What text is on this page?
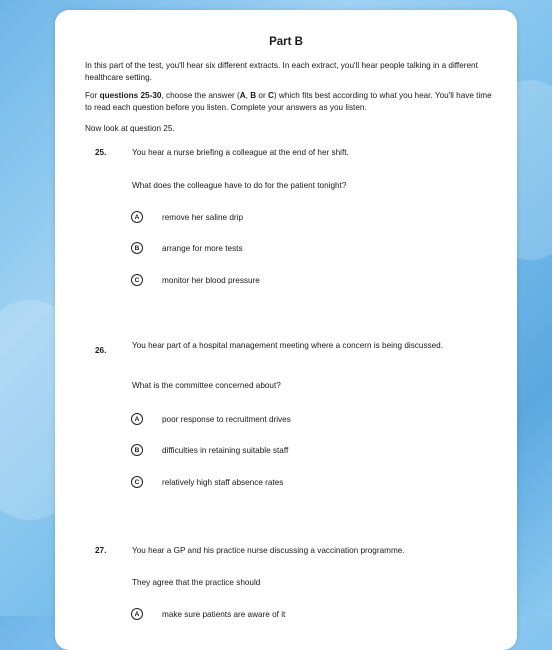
Part B
In this part of the test, you'll hear six different extracts. In each extract, you'll hear people talking in a different healthcare setting.
For questions 25-30, choose the answer (A, B or C) which fits best according to what you hear. You'll have time to read each question before you listen. Complete your answers as you listen.
Now look at question 25.
25.	You hear a nurse briefing a colleague at the end of her shift.
What does the colleague have to do for the patient tonight?
A	remove her saline drip
B	arrange for more tests
C	monitor her blood pressure
26.
You hear part of a hospital management meeting where a concern is being discussed.
What is the committee concerned about?
A	poor response to recruitment drives
B	difficulties in retaining suitable staff
C	relatively high staff absence rates
27.	You hear a GP and his practice nurse discussing a vaccination programme.
They agree that the practice should
A	make sure patients are aware of it
